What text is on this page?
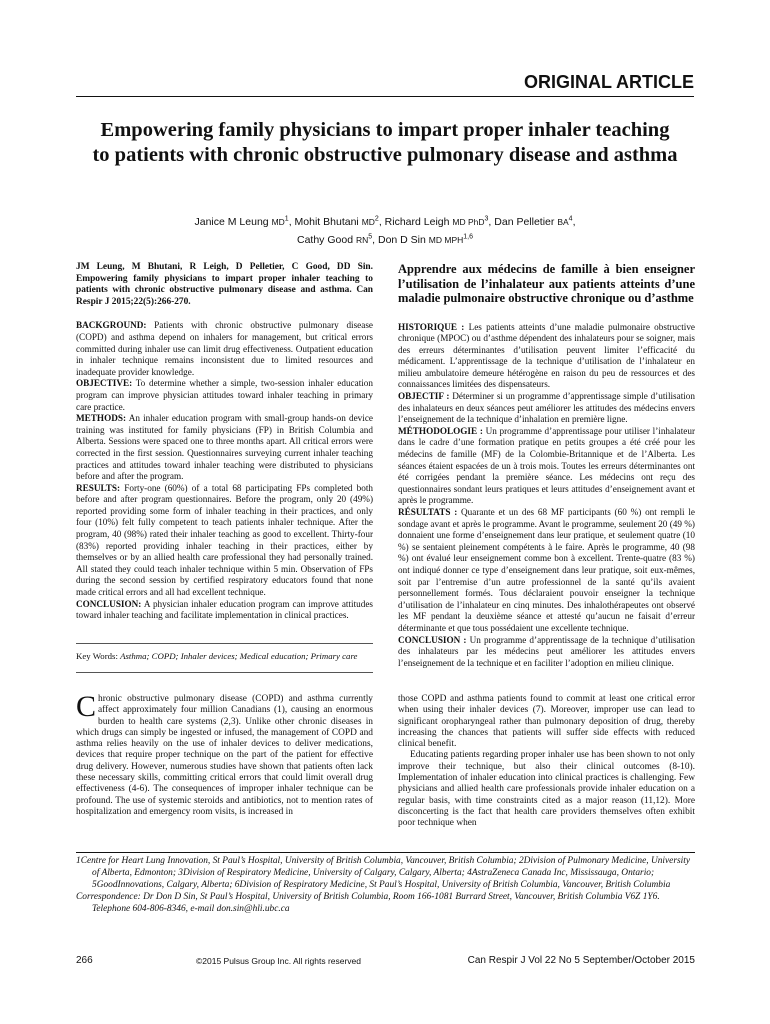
ORIGINAL ARTICLE
Empowering family physicians to impart proper inhaler teaching to patients with chronic obstructive pulmonary disease and asthma
Janice M Leung $MD^1$, Mohit Bhutani $MD^2$, Richard Leigh MD PhD$^3$, Dan Pelletier $BA^4$,
Cathy Good $RN^5$, Don D Sin MD MPH$^{1,6}$
JM Leung, M Bhutani, R Leigh, D Pelletier, C Good, DD Sin. Empowering family physicians to impart proper inhaler teaching to patients with chronic obstructive pulmonary disease and asthma. Can Respir J 2015;22(5):266-270.

BACKGROUND: Patients with chronic obstructive pulmonary disease (COPD) and asthma depend on inhalers for management, but critical errors committed during inhaler use can limit drug effectiveness. Outpatient education in inhaler technique remains inconsistent due to limited resources and inadequate provider knowledge.

OBJECTIVE: To determine whether a simple, two-session inhaler education program can improve physician attitudes toward inhaler teaching in primary care practice.

METHODS: An inhaler education program with small-group hands-on device training was instituted for family physicians (FP) in British Columbia and Alberta. Sessions were spaced one to three months apart. All critical errors were corrected in the first session. Questionnaires surveying current inhaler teaching practices and attitudes toward inhaler teaching were distributed to physicians before and after the program.

RESULTS: Forty-one (60%) of a total 68 participating FPs completed both before and after program questionnaires. Before the program, only 20 (49%) reported providing some form of inhaler teaching in their practices, and only four (10%) felt fully competent to teach patients inhaler technique. After the program, 40 (98%) rated their inhaler teaching as good to excellent. Thirty-four (83%) reported providing inhaler teaching in their practices, either by themselves or by an allied health care professional they had personally trained. All stated they could teach inhaler technique within 5 min. Observation of FPs during the second session by certified respiratory educators found that none made critical errors and all had excellent technique.

CONCLUSION: A physician inhaler education program can improve attitudes toward inhaler teaching and facilitate implementation in clinical practices.

Apprendre aux médecins de famille à bien enseigner l’utilisation de l’inhalateur aux patients atteints d’une maladie pulmonaire obstructive chronique ou d’asthme

HISTORIQUE : Les patients atteints d’une maladie pulmonaire obstructive chronique (MPOC) ou d’asthme dépendent des inhalateurs pour se soigner, mais des erreurs déterminantes d’utilisation peuvent limiter l’efficacité du médicament. L’apprentissage de la technique d’utilisation de l’inhalateur en milieu ambulatoire demeure hétérogène en raison du peu de ressources et des connaissances limitées des dispensateurs.

OBJECTIF : Déterminer si un programme d’apprentissage simple d’utilisation des inhalateurs en deux séances peut améliorer les attitudes des médecins envers l’enseignement de la technique d’inhalation en première ligne.

MÉTHODOLOGIE : Un programme d’apprentissage pour utiliser l’inhalateur dans le cadre d’une formation pratique en petits groupes a été créé pour les médecins de famille (MF) de la Colombie-Britannique et de l’Alberta. Les séances étaient espacées de un à trois mois. Toutes les erreurs déterminantes ont été corrigées pendant la première séance. Les médecins ont reçu des questionnaires sondant leurs pratiques et leurs attitudes d’enseignement avant et après le programme.

RÉSULTATS : Quarante et un des 68 MF participants (60 %) ont rempli le sondage avant et après le programme. Avant le programme, seulement 20 (49 %) donnaient une forme d’enseignement dans leur pratique, et seulement quatre (10 %) se sentaient pleinement compétents à le faire. Après le programme, 40 (98 %) ont évalué leur enseignement comme bon à excellent. Trente-quatre (83 %) ont indiqué donner ce type d’enseignement dans leur pratique, soit eux-mêmes, soit par l’entremise d’un autre professionnel de la santé qu’ils avaient personnellement formés. Tous déclaraient pouvoir enseigner la technique d’utilisation de l’inhalateur en cinq minutes. Des inhalothérapeutes ont observé les MF pendant la deuxième séance et attesté qu’aucun ne faisait d’erreur déterminante et que tous possédaient une excellente technique.

CONCLUSION : Un programme d’apprentissage de la technique d’utilisation des inhalateurs par les médecins peut améliorer les attitudes envers l’enseignement de la technique et en faciliter l’adoption en milieu clinique.

Key Words: Asthma; COPD; Inhaler devices; Medical education; Primary care
Chronic obstructive pulmonary disease (COPD) and asthma currently affect approximately four million Canadians (1), causing an enormous burden to health care systems (2,3). Unlike other chronic diseases in which drugs can simply be ingested or infused, the management of COPD and asthma relies heavily on the use of inhaler devices to deliver medications, devices that require proper technique on the part of the patient for effective drug delivery. However, numerous studies have shown that patients often lack these necessary skills, committing critical errors that could limit overall drug effectiveness (4-6). The consequences of improper inhaler technique can be profound. The use of systemic steroids and antibiotics, not to mention rates of hospitalization and emergency room visits, is increased in

those COPD and asthma patients found to commit at least one critical error when using their inhaler devices (7). Moreover, improper use can lead to significant oropharyngeal rather than pulmonary deposition of drug, thereby increasing the chances that patients will suffer side effects with reduced clinical benefit.

Educating patients regarding proper inhaler use has been shown to not only improve their technique, but also their clinical outcomes (8-10). Implementation of inhaler education into clinical practices is challenging. Few physicians and allied health care professionals provide inhaler education on a regular basis, with time constraints cited as a major reason (11,12). More disconcerting is the fact that health care providers themselves often exhibit poor technique when

1Centre for Heart Lung Innovation, St Paul’s Hospital, University of British Columbia, Vancouver, British Columbia; 2Division of Pulmonary Medicine, University of Alberta, Edmonton; 3Division of Respiratory Medicine, University of Calgary, Calgary, Alberta; 4AstraZeneca Canada Inc, Mississauga, Ontario; 5GoodInnovations, Calgary, Alberta; 6Division of Respiratory Medicine, St Paul’s Hospital, University of British Columbia, Vancouver, British Columbia

Correspondence: Dr Don D Sin, St Paul’s Hospital, University of British Columbia, Room 166-1081 Burrard Street, Vancouver, British Columbia V6Z 1Y6. Telephone 604-806-8346, e-mail don.sin@hli.ubc.ca

266	©2015 Pulsus Group Inc. All rights reserved	Can Respir J Vol 22 No 5 September/October 2015
